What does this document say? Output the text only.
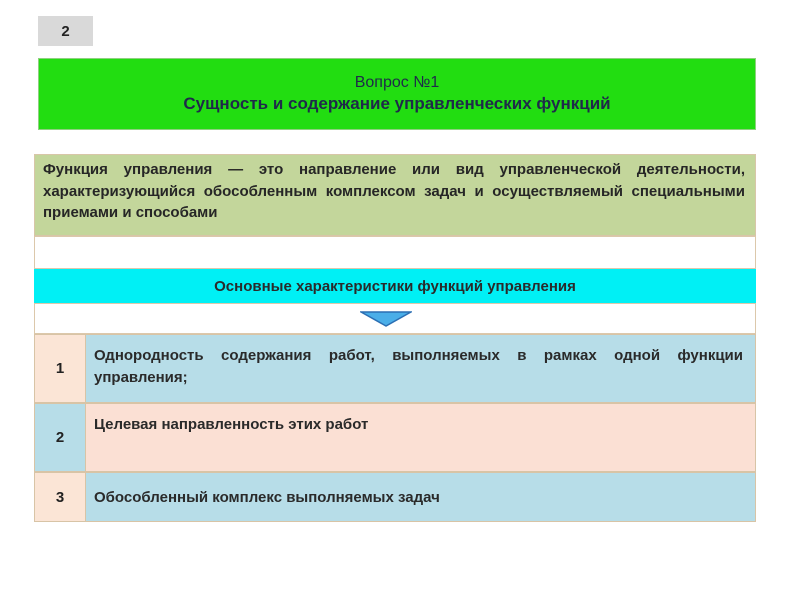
2
Вопрос №1
Сущность и содержание управленческих функций
Функция управления — это направление или вид управленческой деятельности, характеризующийся обособленным комплексом задач и осуществляемый специальными приемами и способами
Основные характеристики функций управления
1
Однородность содержания работ, выполняемых в рамках одной функции управления;
2
Целевая направленность этих работ
3	Обособленный комплекс выполняемых задач
